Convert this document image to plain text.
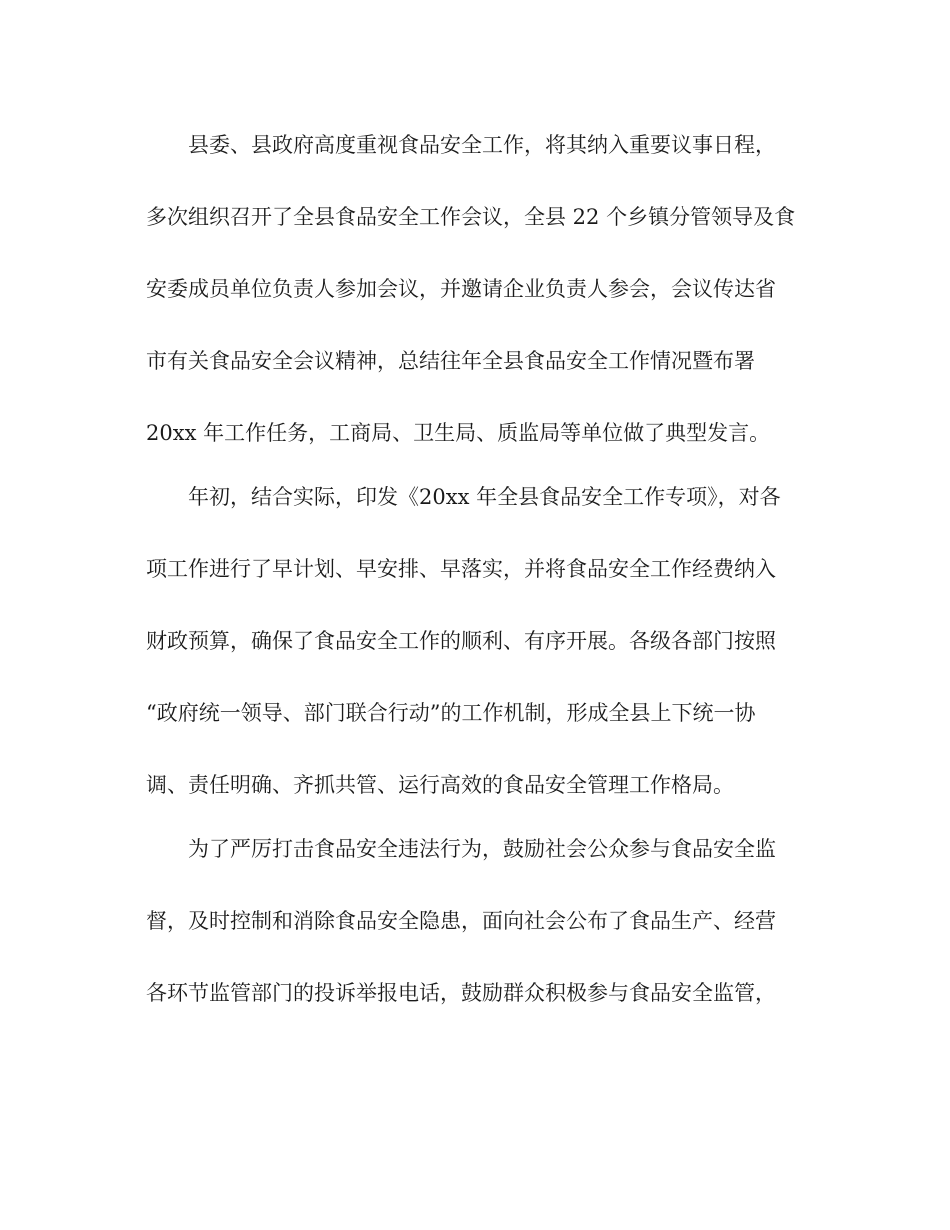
县委、县政府高度重视食品安全工作，将其纳入重要议事日程，
多次组织召开了全县食品安全工作会议，全县 22 个乡镇分管领导及食
安委成员单位负责人参加会议，并邀请企业负责人参会，会议传达省
市有关食品安全会议精神，总结往年全县食品安全工作情况暨布署
20xx 年工作任务，工商局、卫生局、质监局等单位做了典型发言。
年初，结合实际，印发《20xx 年全县食品安全工作专项》，对各
项工作进行了早计划、早安排、早落实，并将食品安全工作经费纳入
财政预算，确保了食品安全工作的顺利、有序开展。各级各部门按照
“政府统一领导、部门联合行动”的工作机制，形成全县上下统一协
调、责任明确、齐抓共管、运行高效的食品安全管理工作格局。
为了严厉打击食品安全违法行为，鼓励社会公众参与食品安全监
督，及时控制和消除食品安全隐患，面向社会公布了食品生产、经营
各环节监管部门的投诉举报电话，鼓励群众积极参与食品安全监管，
